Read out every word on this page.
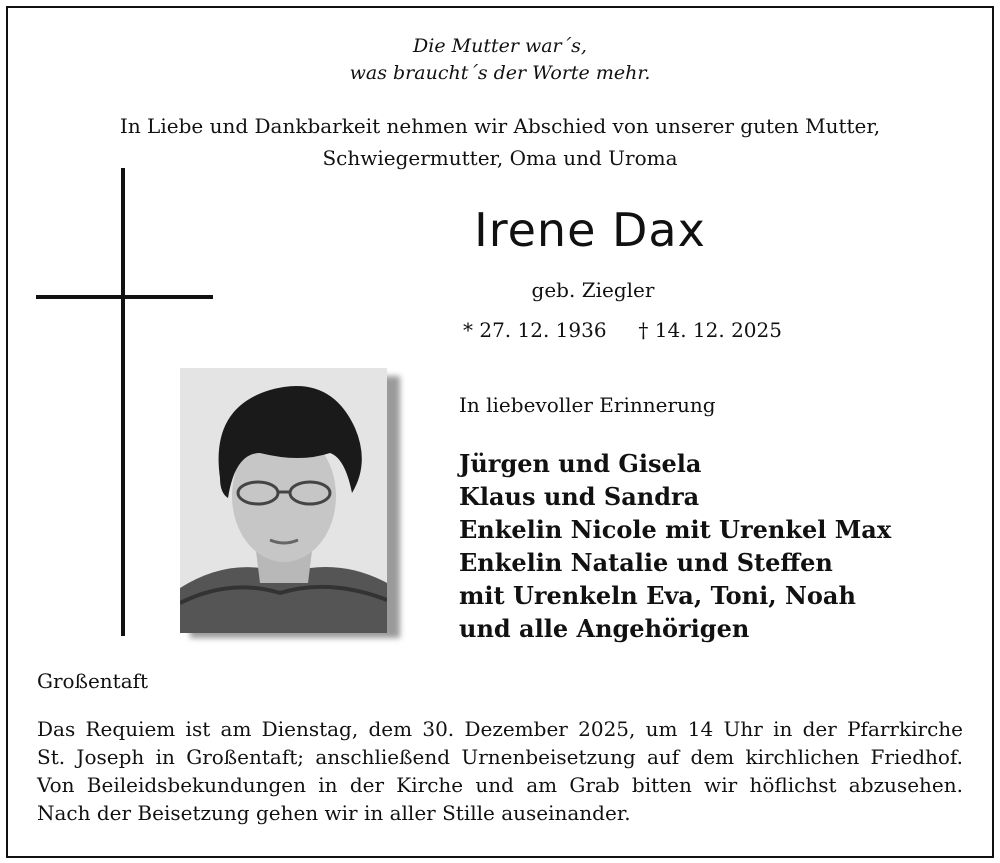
Die Mutter war´s,
was braucht´s der Worte mehr.
In Liebe und Dankbarkeit nehmen wir Abschied von unserer guten Mutter,
Schwiegermutter, Oma und Uroma
Irene Dax
geb. Ziegler
* 27. 12. 1936 † 14. 12. 2025
In liebevoller Erinnerung
Jürgen und Gisela
Klaus und Sandra
Enkelin Nicole mit Urenkel Max
Enkelin Natalie und Steffen
mit Urenkeln Eva, Toni, Noah
und alle Angehörigen
Großentaft
Das Requiem ist am Dienstag, dem 30. Dezember 2025, um 14 Uhr in der Pfarrkirche
St. Joseph in Großentaft; anschließend Urnenbeisetzung auf dem kirchlichen Friedhof.
Von Beileidsbekundungen in der Kirche und am Grab bitten wir höflichst abzusehen.
Nach der Beisetzung gehen wir in aller Stille auseinander.
